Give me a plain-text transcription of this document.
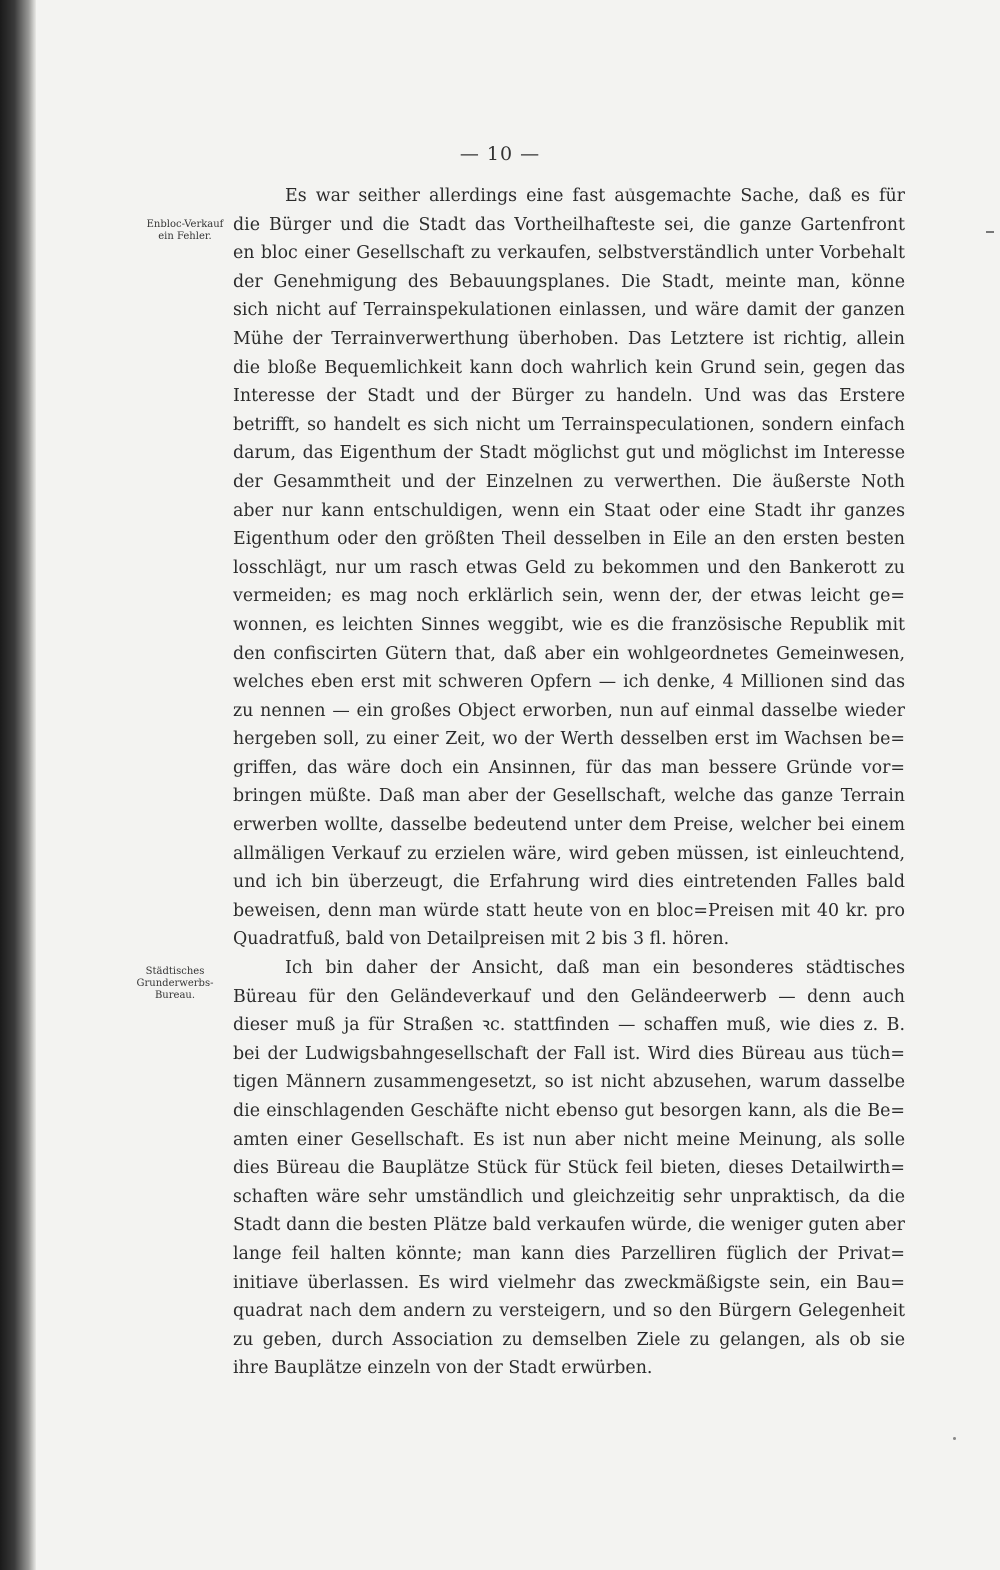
— 10 —
Enbloc-Verkauf
ein Fehler.
Städtisches
Grunderwerbs-
Bureau.
Es war seither allerdings eine fast ausgemachte Sache, daß es für
die Bürger und die Stadt das Vortheilhafteste sei, die ganze Gartenfront
en bloc einer Gesellschaft zu verkaufen, selbstverständlich unter Vorbehalt
der Genehmigung des Bebauungsplanes. Die Stadt, meinte man, könne
sich nicht auf Terrainspekulationen einlassen, und wäre damit der ganzen
Mühe der Terrainverwerthung überhoben. Das Letztere ist richtig, allein
die bloße Bequemlichkeit kann doch wahrlich kein Grund sein, gegen das
Interesse der Stadt und der Bürger zu handeln. Und was das Erstere
betrifft, so handelt es sich nicht um Terrainspeculationen, sondern einfach
darum, das Eigenthum der Stadt möglichst gut und möglichst im Interesse
der Gesammtheit und der Einzelnen zu verwerthen. Die äußerste Noth
aber nur kann entschuldigen, wenn ein Staat oder eine Stadt ihr ganzes
Eigenthum oder den größten Theil desselben in Eile an den ersten besten
losschlägt, nur um rasch etwas Geld zu bekommen und den Bankerott zu
vermeiden; es mag noch erklärlich sein, wenn der, der etwas leicht ge=
wonnen, es leichten Sinnes weggibt, wie es die französische Republik mit
den confiscirten Gütern that, daß aber ein wohlgeordnetes Gemeinwesen,
welches eben erst mit schweren Opfern — ich denke, 4 Millionen sind das
zu nennen — ein großes Object erworben, nun auf einmal dasselbe wieder
hergeben soll, zu einer Zeit, wo der Werth desselben erst im Wachsen be=
griffen, das wäre doch ein Ansinnen, für das man bessere Gründe vor=
bringen müßte. Daß man aber der Gesellschaft, welche das ganze Terrain
erwerben wollte, dasselbe bedeutend unter dem Preise, welcher bei einem
allmäligen Verkauf zu erzielen wäre, wird geben müssen, ist einleuchtend,
und ich bin überzeugt, die Erfahrung wird dies eintretenden Falles bald
beweisen, denn man würde statt heute von en bloc=Preisen mit 40 kr. pro
Quadratfuß, bald von Detailpreisen mit 2 bis 3 fl. hören.
Ich bin daher der Ansicht, daß man ein besonderes städtisches
Büreau für den Geländeverkauf und den Geländeerwerb — denn auch
dieser muß ja für Straßen ꝛc. stattfinden — schaffen muß, wie dies z. B.
bei der Ludwigsbahngesellschaft der Fall ist. Wird dies Büreau aus tüch=
tigen Männern zusammengesetzt, so ist nicht abzusehen, warum dasselbe
die einschlagenden Geschäfte nicht ebenso gut besorgen kann, als die Be=
amten einer Gesellschaft. Es ist nun aber nicht meine Meinung, als solle
dies Büreau die Bauplätze Stück für Stück feil bieten, dieses Detailwirth=
schaften wäre sehr umständlich und gleichzeitig sehr unpraktisch, da die
Stadt dann die besten Plätze bald verkaufen würde, die weniger guten aber
lange feil halten könnte; man kann dies Parzelliren füglich der Privat=
initiave überlassen. Es wird vielmehr das zweckmäßigste sein, ein Bau=
quadrat nach dem andern zu versteigern, und so den Bürgern Gelegenheit
zu geben, durch Association zu demselben Ziele zu gelangen, als ob sie
ihre Bauplätze einzeln von der Stadt erwürben.
